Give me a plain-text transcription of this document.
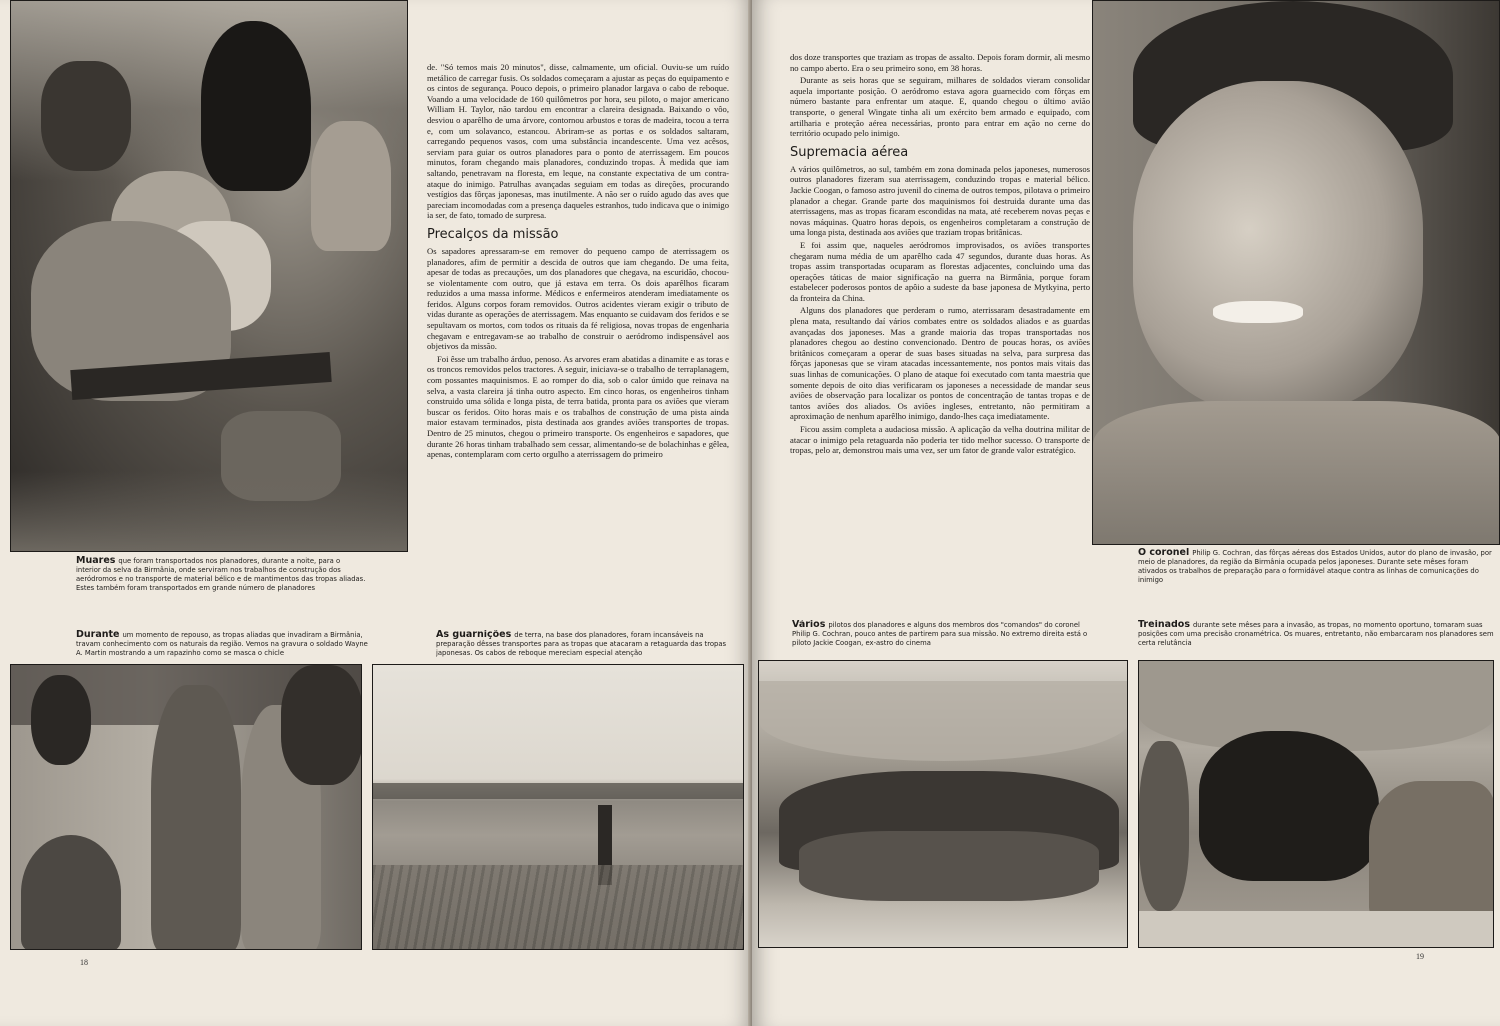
Muares que foram transportados nos planadores, durante a noite, para o interior da selva da Birmânia, onde serviram nos trabalhos de construção dos aeródromos e no transporte de material bélico e de mantimentos das tropas aliadas. Estes também foram transportados em grande número de planadores

de. "Só temos mais 20 minutos", disse, calmamente, um oficial. Ouviu-se um ruído metálico de carregar fusis. Os soldados começaram a ajustar as peças do equipamento e os cintos de segurança. Pouco depois, o primeiro planador largava o cabo de reboque. Voando a uma velocidade de 160 quilômetros por hora, seu piloto, o major americano William H. Taylor, não tardou em encontrar a clareira designada. Baixando o vôo, desviou o aparêlho de uma árvore, contornou arbustos e toras de madeira, tocou a terra e, com um solavanco, estancou. Abriram-se as portas e os soldados saltaram, carregando pequenos vasos, com uma substância incandescente. Uma vez acêsos, serviam para guiar os outros planadores para o ponto de aterrissagem. Em poucos minutos, foram chegando mais planadores, conduzindo tropas. À medida que iam saltando, penetravam na floresta, em leque, na constante expectativa de um contra-ataque do inimigo. Patrulhas avançadas seguiam em todas as direções, procurando vestígios das fôrças japonesas, mas inutilmente. A não ser o ruído agudo das aves que pareciam incomodadas com a presença daqueles estranhos, tudo indicava que o inimigo ia ser, de fato, tomado de surpresa.

Precalços da missão

Os sapadores apressaram-se em remover do pequeno campo de aterrissagem os planadores, afim de permitir a descida de outros que iam chegando. De uma feita, apesar de todas as precauções, um dos planadores que chegava, na escuridão, chocou-se violentamente com outro, que já estava em terra. Os dois aparêlhos ficaram reduzidos a uma massa informe. Médicos e enfermeiros atenderam imediatamente os feridos. Alguns corpos foram removidos. Outros acidentes vieram exigir o tributo de vidas durante as operações de aterrissagem. Mas enquanto se cuidavam dos feridos e se sepultavam os mortos, com todos os rituais da fé religiosa, novas tropas de engenharia chegavam e entregavam-se ao trabalho de construir o aeródromo indispensável aos objetivos da missão.

Foi êsse um trabalho árduo, penoso. As arvores eram abatidas a dinamite e as toras e os troncos removidos pelos tractores. A seguir, iniciava-se o trabalho de terraplanagem, com possantes maquinismos. E ao romper do dia, sob o calor úmido que reinava na selva, a vasta clareira já tinha outro aspecto. Em cinco horas, os engenheiros tinham construido uma sólida e longa pista, de terra batida, pronta para os aviões que vieram buscar os feridos. Oito horas mais e os trabalhos de construção de uma pista ainda maior estavam terminados, pista destinada aos grandes aviões transportes de tropas. Dentro de 25 minutos, chegou o primeiro transporte. Os engenheiros e sapadores, que durante 26 horas tinham trabalhado sem cessar, alimentando-se de bolachinhas e gêlea, apenas, contemplaram com certo orgulho a aterrissagem do primeiro

Durante um momento de repouso, as tropas aliadas que invadiram a Birmânia, travam conhecimento com os naturais da região. Vemos na gravura o soldado Wayne A. Martin mostrando a um rapazinho como se masca o chicle
As guarnições de terra, na base dos planadores, foram incansáveis na preparação dêsses transportes para as tropas que atacaram a retaguarda das tropas japonesas. Os cabos de reboque mereciam especial atenção
18

dos doze transportes que traziam as tropas de assalto. Depois foram dormir, ali mesmo no campo aberto. Era o seu primeiro sono, em 38 horas.

Durante as seis horas que se seguiram, milhares de soldados vieram consolidar aquela importante posição. O aeródromo estava agora guarnecido com fôrças em número bastante para enfrentar um ataque. E, quando chegou o último avião transporte, o general Wingate tinha ali um exército bem armado e equipado, com artilharia e proteção aérea necessárias, pronto para entrar em ação no cerne do território ocupado pelo inimigo.

Supremacia aérea

A vários quilômetros, ao sul, também em zona dominada pelos japoneses, numerosos outros planadores fizeram sua aterrissagem, conduzindo tropas e material bélico. Jackie Coogan, o famoso astro juvenil do cinema de outros tempos, pilotava o primeiro planador a chegar. Grande parte dos maquinismos foi destruida durante uma das aterrissagens, mas as tropas ficaram escondidas na mata, até receberem novas peças e novas máquinas. Quatro horas depois, os engenheiros completaram a construção de uma longa pista, destinada aos aviões que traziam tropas britânicas.

E foi assim que, naqueles aeródromos improvisados, os aviões transportes chegaram numa média de um aparêlho cada 47 segundos, durante duas horas. As tropas assim transportadas ocuparam as florestas adjacentes, concluindo uma das operações táticas de maior significação na guerra na Birmânia, porque foram estabelecer poderosos pontos de apôio a sudeste da base japonesa de Mytkyina, perto da fronteira da China.

Alguns dos planadores que perderam o rumo, aterrissaram desastradamente em plena mata, resultando daí vários combates entre os soldados aliados e as guardas avançadas dos japoneses. Mas a grande maioria das tropas transportadas nos planadores chegou ao destino convencionado. Dentro de poucas horas, os aviões britânicos começaram a operar de suas bases situadas na selva, para surpresa das fôrças japonesas que se viram atacadas incessantemente, nos pontos mais vitais das suas linhas de comunicações. O plano de ataque foi executado com tanta maestria que somente depois de oito dias verificaram os japoneses a necessidade de mandar seus aviões de observação para localizar os pontos de concentração de tantas tropas e de tantos aviões dos aliados. Os aviões ingleses, entretanto, não permitiram a aproximação de nenhum aparêlho inimigo, dando-lhes caça imediatamente.

Ficou assim completa a audaciosa missão. A aplicação da velha doutrina militar de atacar o inimigo pela retaguarda não poderia ter tido melhor sucesso. O transporte de tropas, pelo ar, demonstrou mais uma vez, ser um fator de grande valor estratégico.

O coronel Philip G. Cochran, das fôrças aéreas dos Estados Unidos, autor do plano de invasão, por meio de planadores, da região da Birmânia ocupada pelos japoneses. Durante sete mêses foram ativados os trabalhos de preparação para o formidável ataque contra as linhas de comunicações do inimigo
Vários pilotos dos planadores e alguns dos membros dos "comandos" do coronel Philip G. Cochran, pouco antes de partirem para sua missão. No extremo direita está o piloto Jackie Coogan, ex-astro do cinema
Treinados durante sete mêses para a invasão, as tropas, no momento oportuno, tomaram suas posições com uma precisão cronamétrica. Os muares, entretanto, não embarcaram nos planadores sem certa relutância
19
